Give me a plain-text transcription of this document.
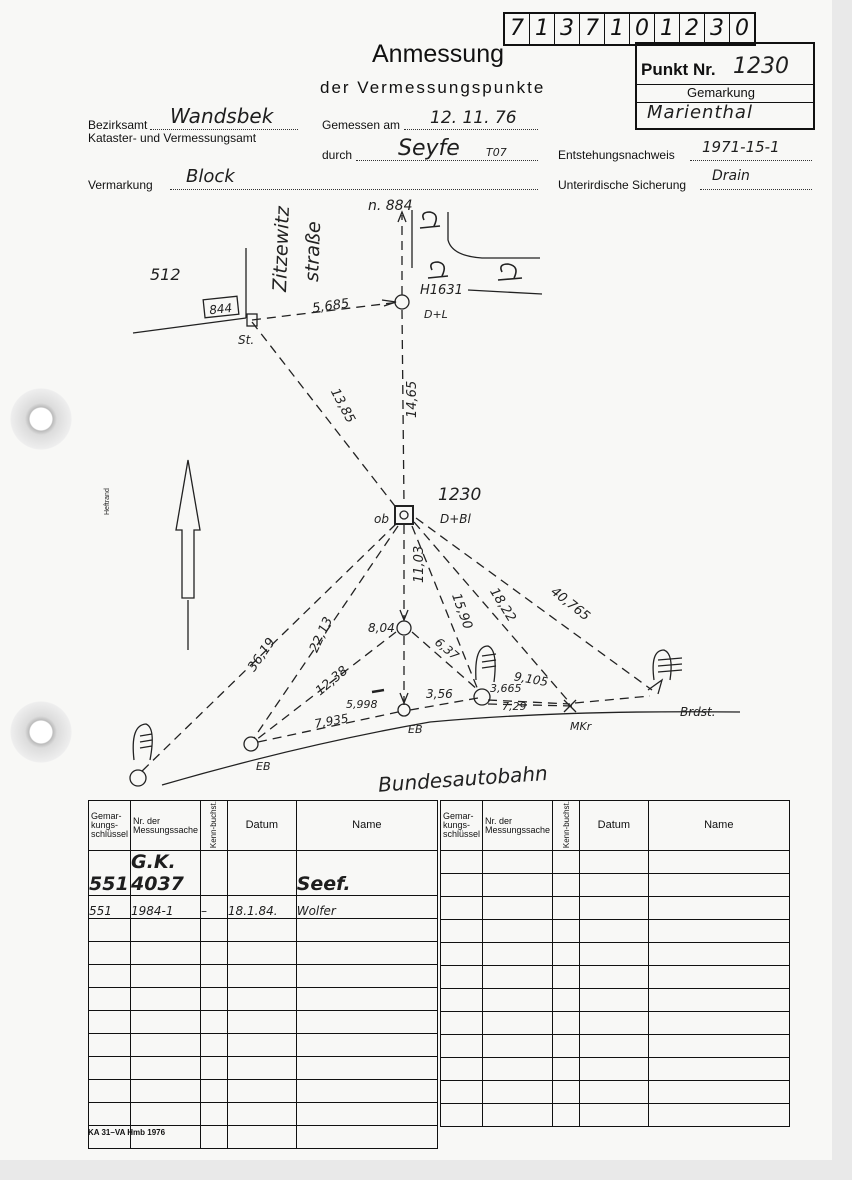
7 1 3 7 1 0 1 2 3 0
Anmessung
der Vermessungspunkte
Punkt Nr. 1230
Gemarkung
Marienthal
Bezirksamt Wandsbek
Kataster- und Vermessungsamt
Gemessen am 12. 11. 76
durch Seyfe T07	Entstehungsnachweis 1971-15-1
Vermarkung Block	Unterirdische Sicherung
Drain
512	Zitzewitz straße
n. 884
844
St.
5,685
H1631
D+L
13,85	14,65
1230
D+Bl
ob
36,19 22,13
11,03
15,90 18,22 40,765
8,04
6,37
12,38	9,105
3,665
3,56
7,29
5,998
7,935
EB
EB	MKr
Brdst.
Bundesautobahn
Heftrand
Gemar-kungs-schlüssel	Nr. der Messungssache	Kenn-buchst.	Datum	Name
551	G.K. 4037			Seef.
551	1984-1	–	18.1.84.	Wolfer

Gemar-kungs-schlüssel	Nr. der Messungssache	Kenn-buchst.	Datum	Name

KA 31–VA Hmb 1976
